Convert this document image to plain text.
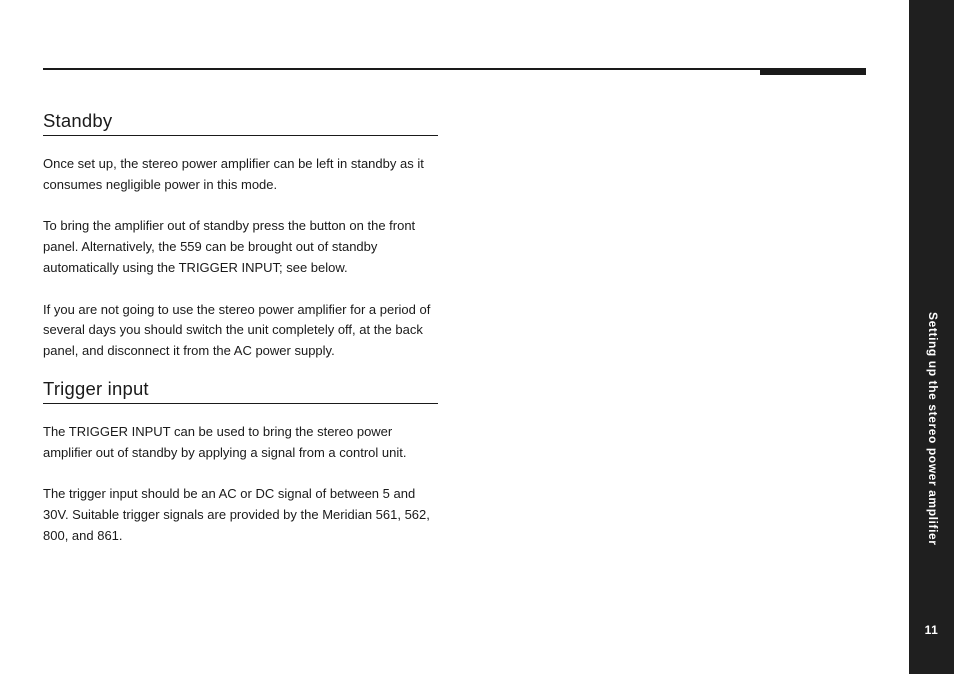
Standby

Once set up, the stereo power amplifier can be left in standby as it consumes negligible power in this mode.

To bring the amplifier out of standby press the button on the front panel. Alternatively, the 559 can be brought out of standby automatically using the TRIGGER INPUT; see below.

If you are not going to use the stereo power amplifier for a period of several days you should switch the unit completely off, at the back panel, and disconnect it from the AC power supply.

Trigger input

The TRIGGER INPUT can be used to bring the stereo power amplifier out of standby by applying a signal from a control unit.

The trigger input should be an AC or DC signal of between 5 and 30V. Suitable trigger signals are provided by the Meridian 561, 562, 800, and 861.	Setting up the stereo power amplifier
11
